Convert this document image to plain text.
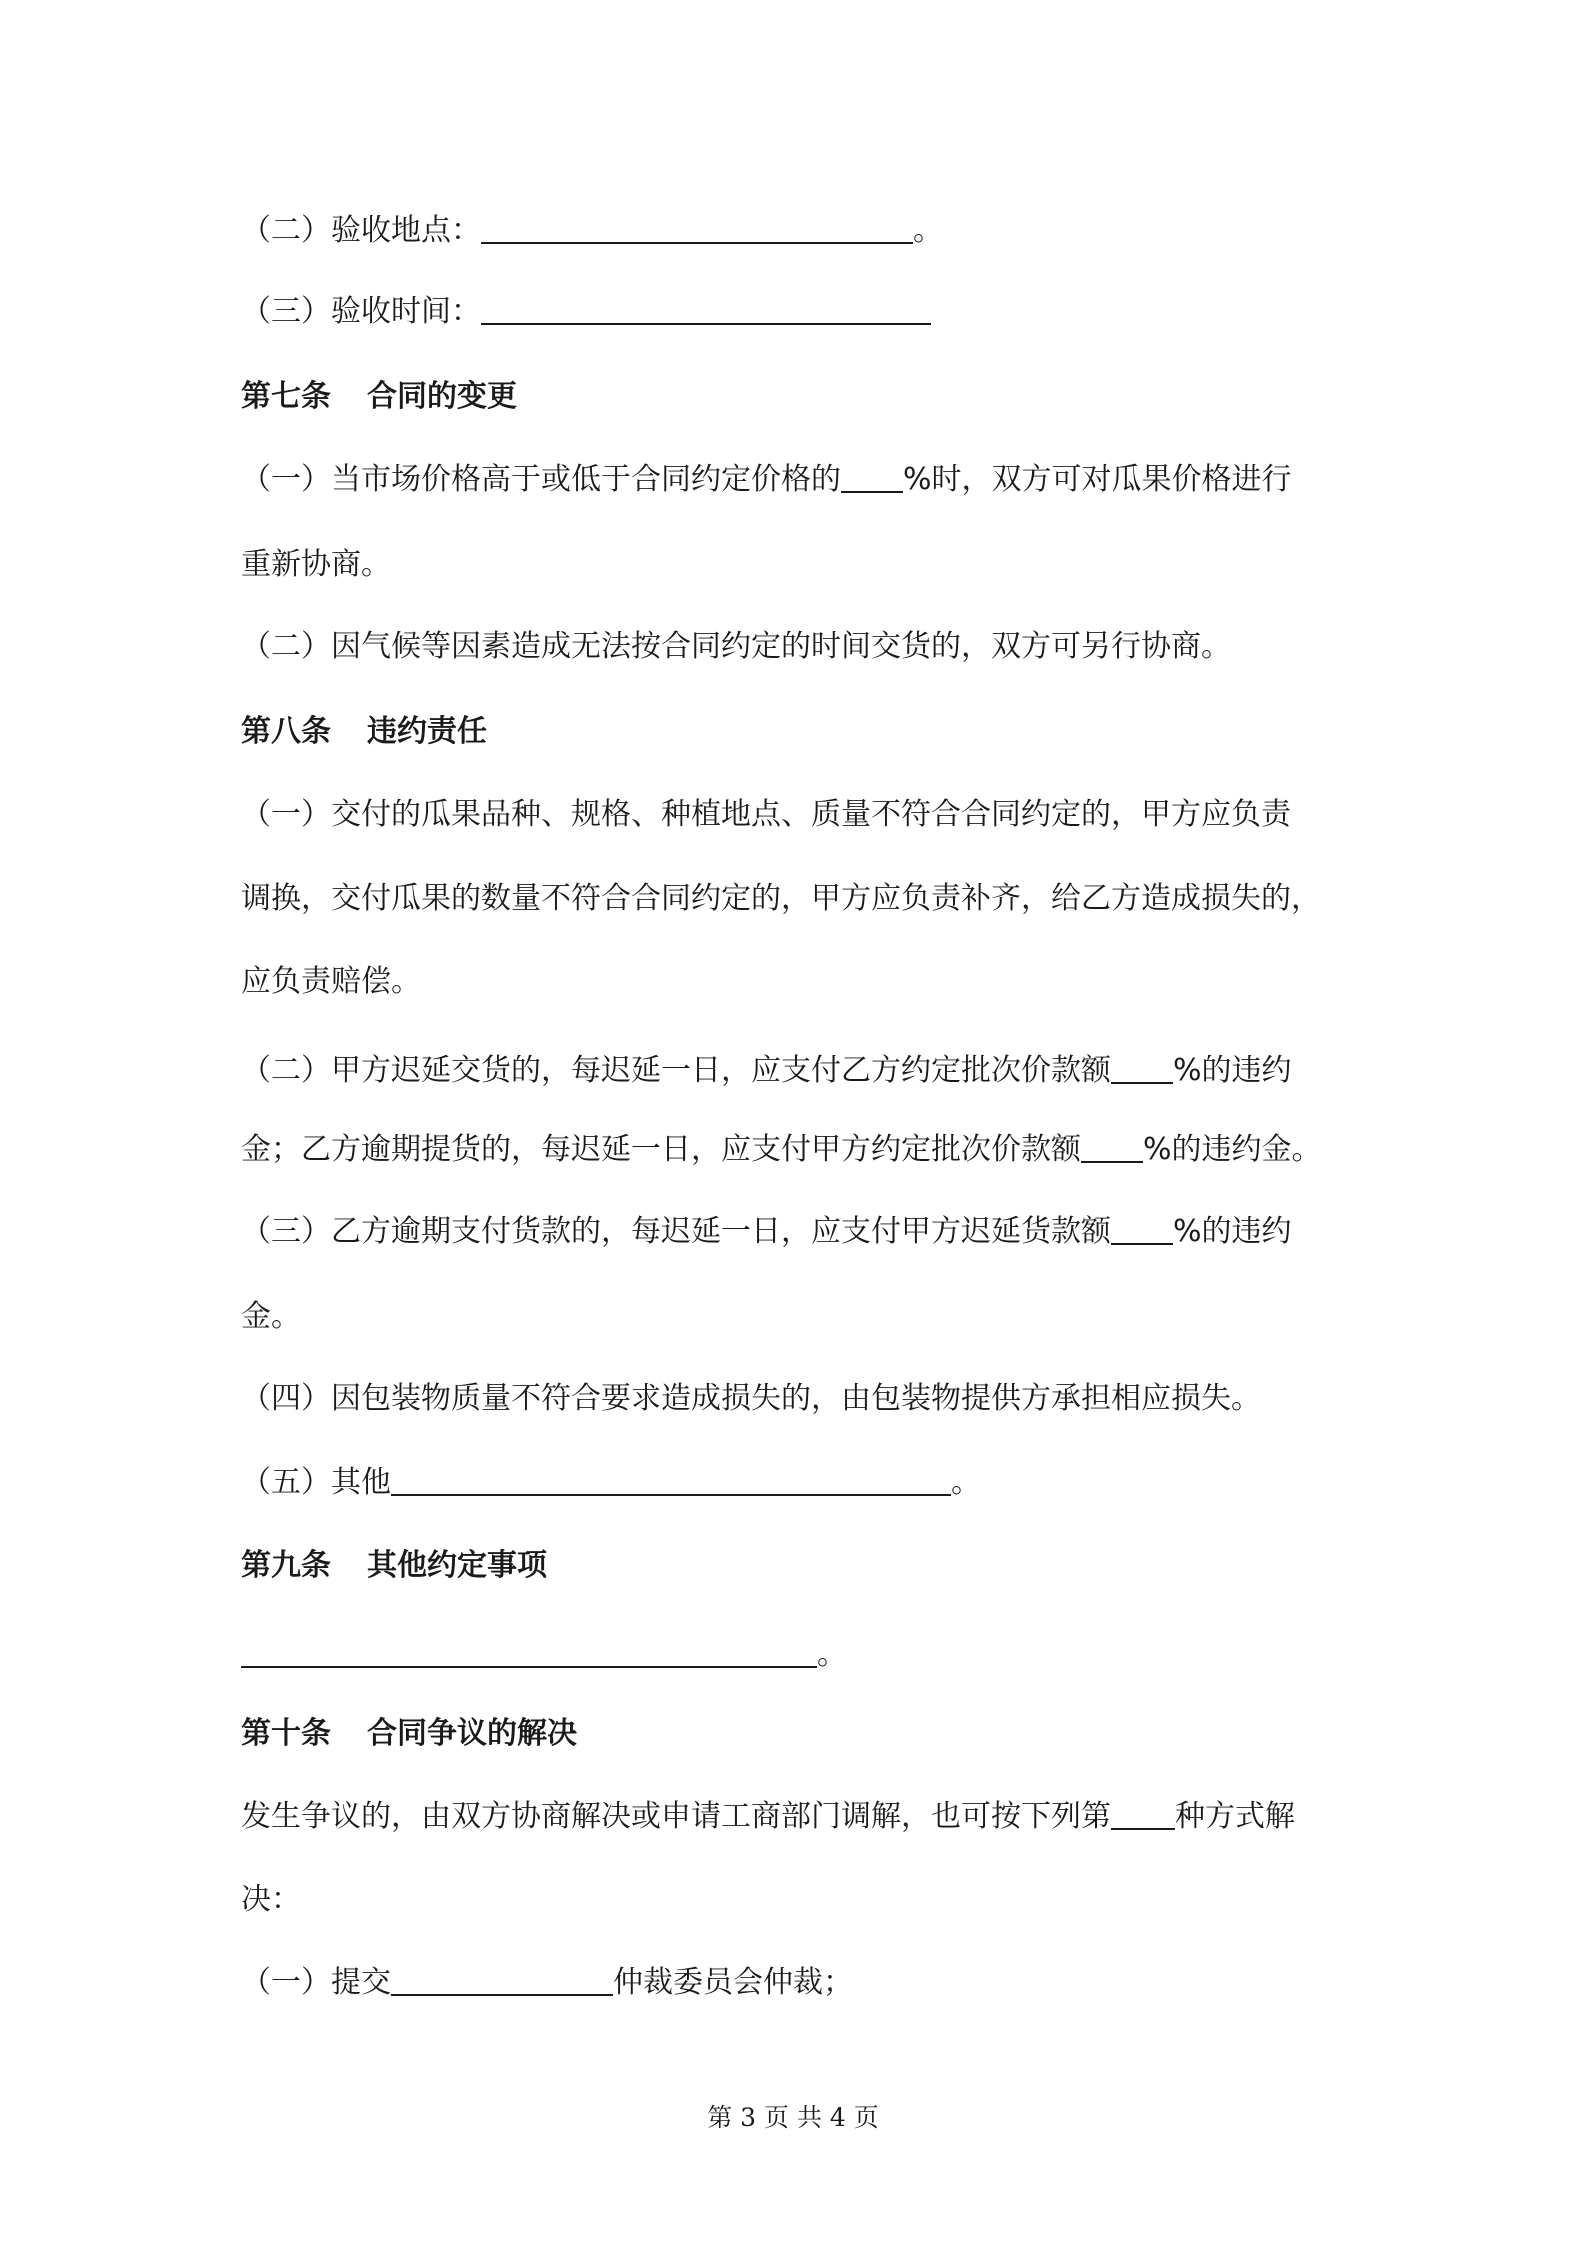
（二）验收地点：	。
（三）验收时间：
第七条 合同的变更
（一）当市场价格高于或低于合同约定价格的 %时，双方可对瓜果价格进行
重新协商。
（二）因气候等因素造成无法按合同约定的时间交货的，双方可另行协商。
第八条 违约责任
（一）交付的瓜果品种、规格、种植地点、质量不符合合同约定的，甲方应负责
调换，交付瓜果的数量不符合合同约定的，甲方应负责补齐，给乙方造成损失的，
应负责赔偿。
（二）甲方迟延交货的，每迟延一日，应支付乙方约定批次价款额 %的违约
金；乙方逾期提货的，每迟延一日，应支付甲方约定批次价款额 %的违约金。
（三）乙方逾期支付货款的，每迟延一日，应支付甲方迟延货款额 %的违约
金。
（四）因包装物质量不符合要求造成损失的，由包装物提供方承担相应损失。
（五）其他	。
第九条 其他约定事项
。
第十条 合同争议的解决
发生争议的，由双方协商解决或申请工商部门调解，也可按下列第 种方式解
决：
（一）提交	仲裁委员会仲裁；
第 3 页 共 4 页
